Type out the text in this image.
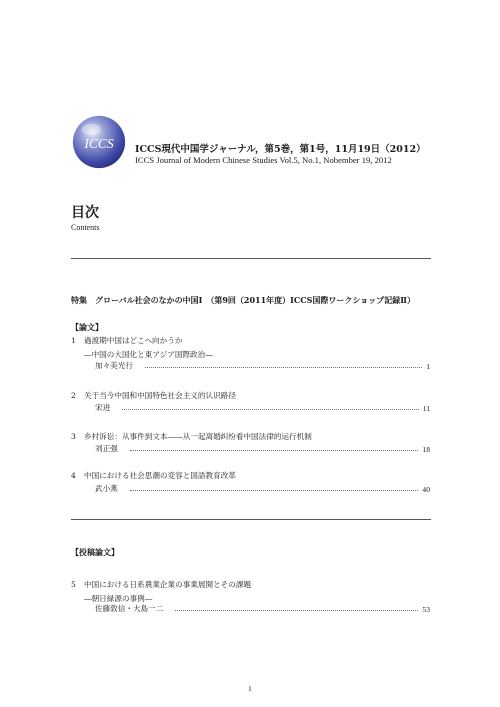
ICCS ICCS現代中国学ジャーナル，第5巻，第1号，11月19日（2012）
ICCS Journal of Modern Chinese Studies Vol.5, No.1, Nobember 19, 2012
目次
Contents
特集 グローバル社会のなかの中国Ⅰ　（第9回（2011年度）ICCS国際ワークショップ記録Ⅱ）
【論文】
1 過渡期中国はどこへ向かうか
―中国の大国化と東アジア国際政治―
加々美光行	1
2 关于当今中国和中国特色社会主义的认识路径
宋进	11
3 乡村诉讼：从事件到文本――从一起离婚纠纷看中国法律的运行机制
刘正强	18
4 中国における社会思潮の変容と国語教育改革
武小燕	40
【投稿論文】
5 中国における日系農業企業の事業展開とその課題
―朝日緑源の事例―
佐藤敦信・大島一二	53
i
